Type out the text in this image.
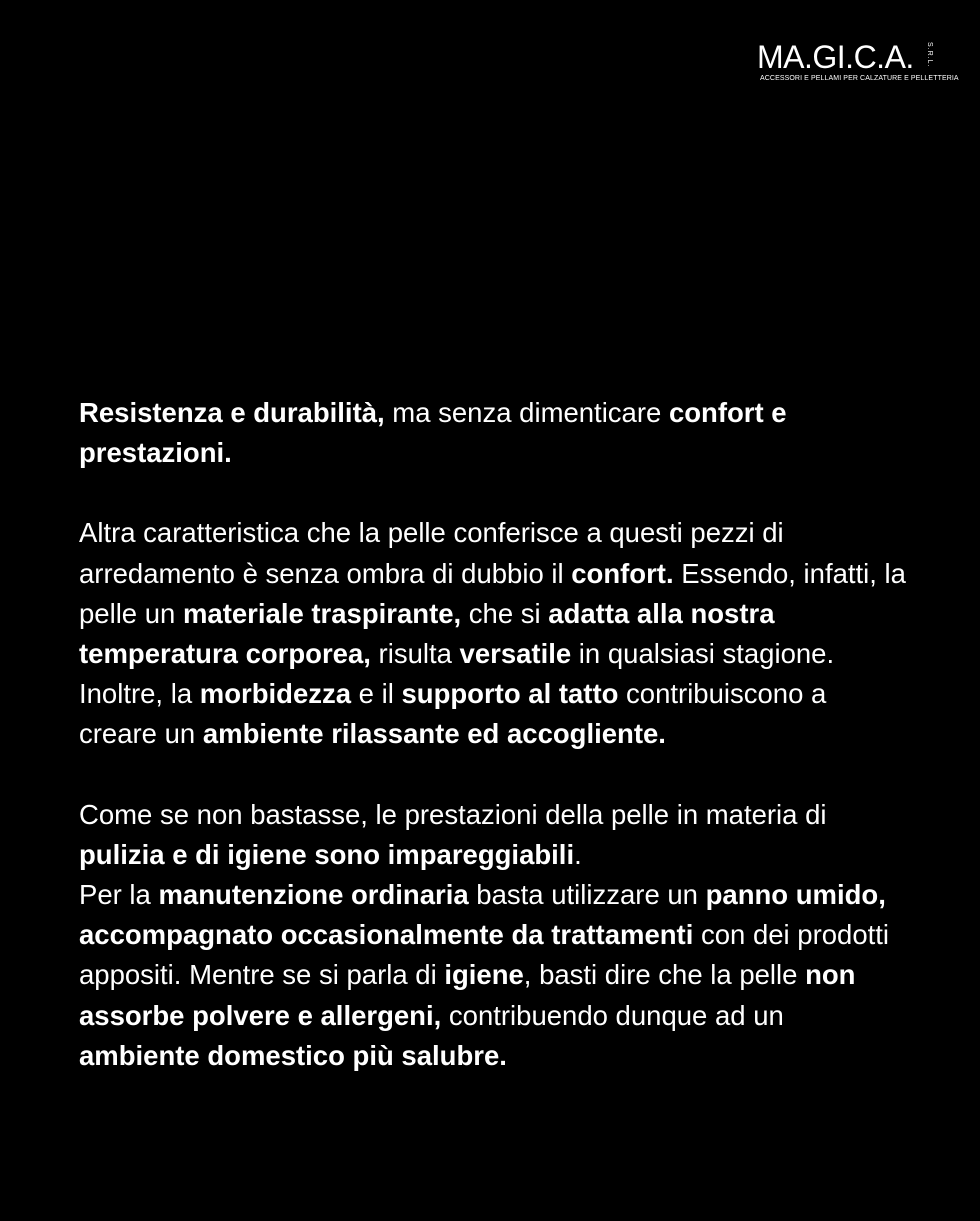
MA.GI.C.A. S.R.L.
ACCESSORI E PELLAMI PER CALZATURE E PELLETTERIA

Resistenza e durabilità, ma senza dimenticare confort e prestazioni.

Altra caratteristica che la pelle conferisce a questi pezzi di arredamento è senza ombra di dubbio il confort. Essendo, infatti, la pelle un materiale traspirante, che si adatta alla nostra temperatura corporea, risulta versatile in qualsiasi stagione. Inoltre, la morbidezza e il supporto al tatto contribuiscono a creare un ambiente rilassante ed accogliente.

Come se non bastasse, le prestazioni della pelle in materia di pulizia e di igiene sono impareggiabili.

Per la manutenzione ordinaria basta utilizzare un panno umido, accompagnato occasionalmente da trattamenti con dei prodotti appositi. Mentre se si parla di igiene, basti dire che la pelle non assorbe polvere e allergeni, contribuendo dunque ad un ambiente domestico più salubre.
